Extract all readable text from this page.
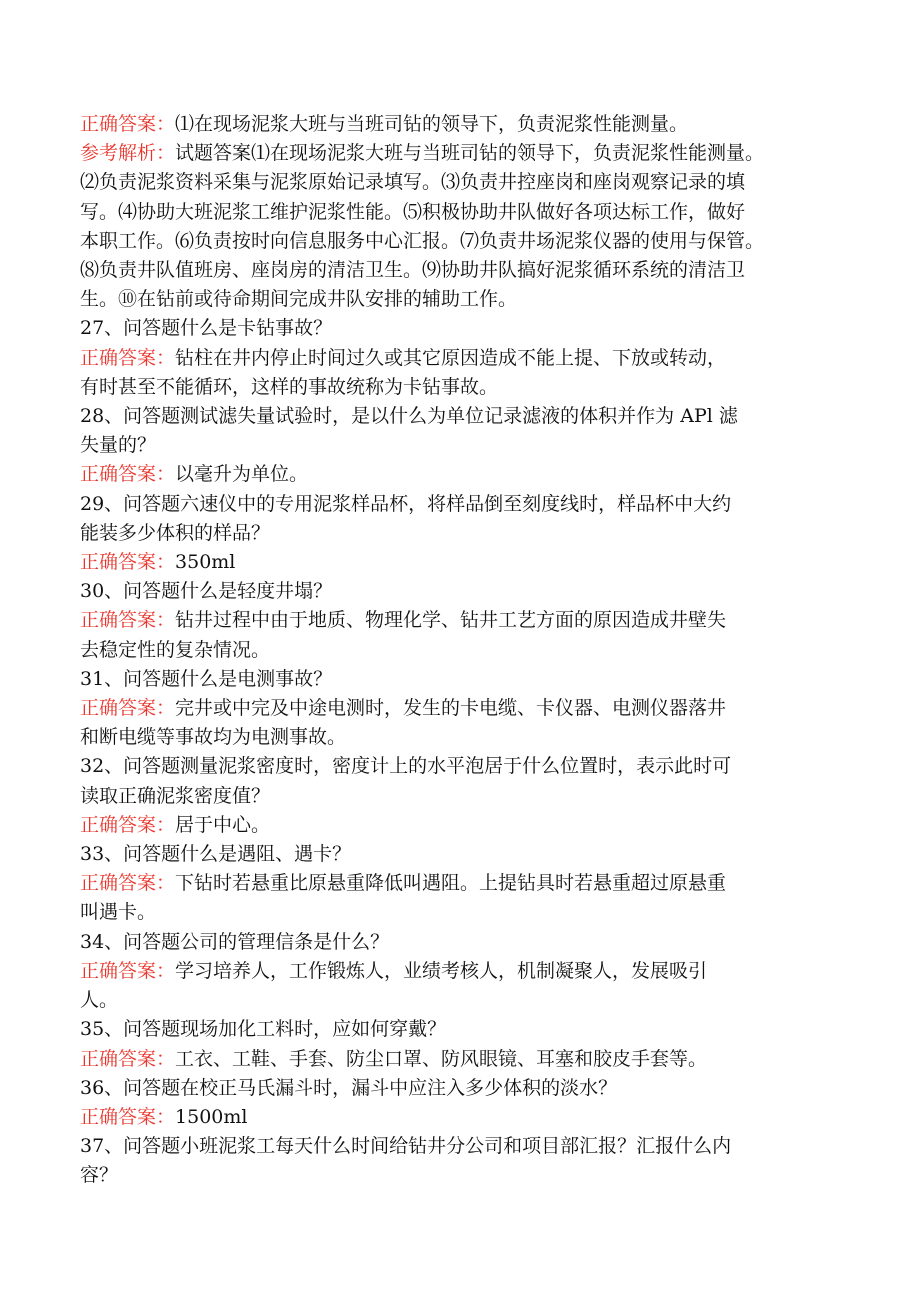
正确答案：⑴在现场泥浆大班与当班司钻的领导下，负责泥浆性能测量。
参考解析：试题答案⑴在现场泥浆大班与当班司钻的领导下，负责泥浆性能测量。
⑵负责泥浆资料采集与泥浆原始记录填写。⑶负责井控座岗和座岗观察记录的填
写。⑷协助大班泥浆工维护泥浆性能。⑸积极协助井队做好各项达标工作，做好
本职工作。⑹负责按时向信息服务中心汇报。⑺负责井场泥浆仪器的使用与保管。
⑻负责井队值班房、座岗房的清洁卫生。⑼协助井队搞好泥浆循环系统的清洁卫
生。⑩在钻前或待命期间完成井队安排的辅助工作。
27、问答题什么是卡钻事故？
正确答案：钻柱在井内停止时间过久或其它原因造成不能上提、下放或转动，
有时甚至不能循环，这样的事故统称为卡钻事故。
28、问答题测试滤失量试验时，是以什么为单位记录滤液的体积并作为 APl 滤
失量的？
正确答案：以毫升为单位。
29、问答题六速仪中的专用泥浆样品杯，将样品倒至刻度线时，样品杯中大约
能装多少体积的样品？
正确答案：350ml
30、问答题什么是轻度井塌？
正确答案：钻井过程中由于地质、物理化学、钻井工艺方面的原因造成井壁失
去稳定性的复杂情况。
31、问答题什么是电测事故？
正确答案：完井或中完及中途电测时，发生的卡电缆、卡仪器、电测仪器落井
和断电缆等事故均为电测事故。
32、问答题测量泥浆密度时，密度计上的水平泡居于什么位置时，表示此时可
读取正确泥浆密度值？
正确答案：居于中心。
33、问答题什么是遇阻、遇卡？
正确答案：下钻时若悬重比原悬重降低叫遇阻。上提钻具时若悬重超过原悬重
叫遇卡。
34、问答题公司的管理信条是什么？
正确答案：学习培养人，工作锻炼人，业绩考核人，机制凝聚人，发展吸引
人。
35、问答题现场加化工料时，应如何穿戴？
正确答案：工衣、工鞋、手套、防尘口罩、防风眼镜、耳塞和胶皮手套等。
36、问答题在校正马氏漏斗时，漏斗中应注入多少体积的淡水？
正确答案：1500ml
37、问答题小班泥浆工每天什么时间给钻井分公司和项目部汇报？汇报什么内
容？
